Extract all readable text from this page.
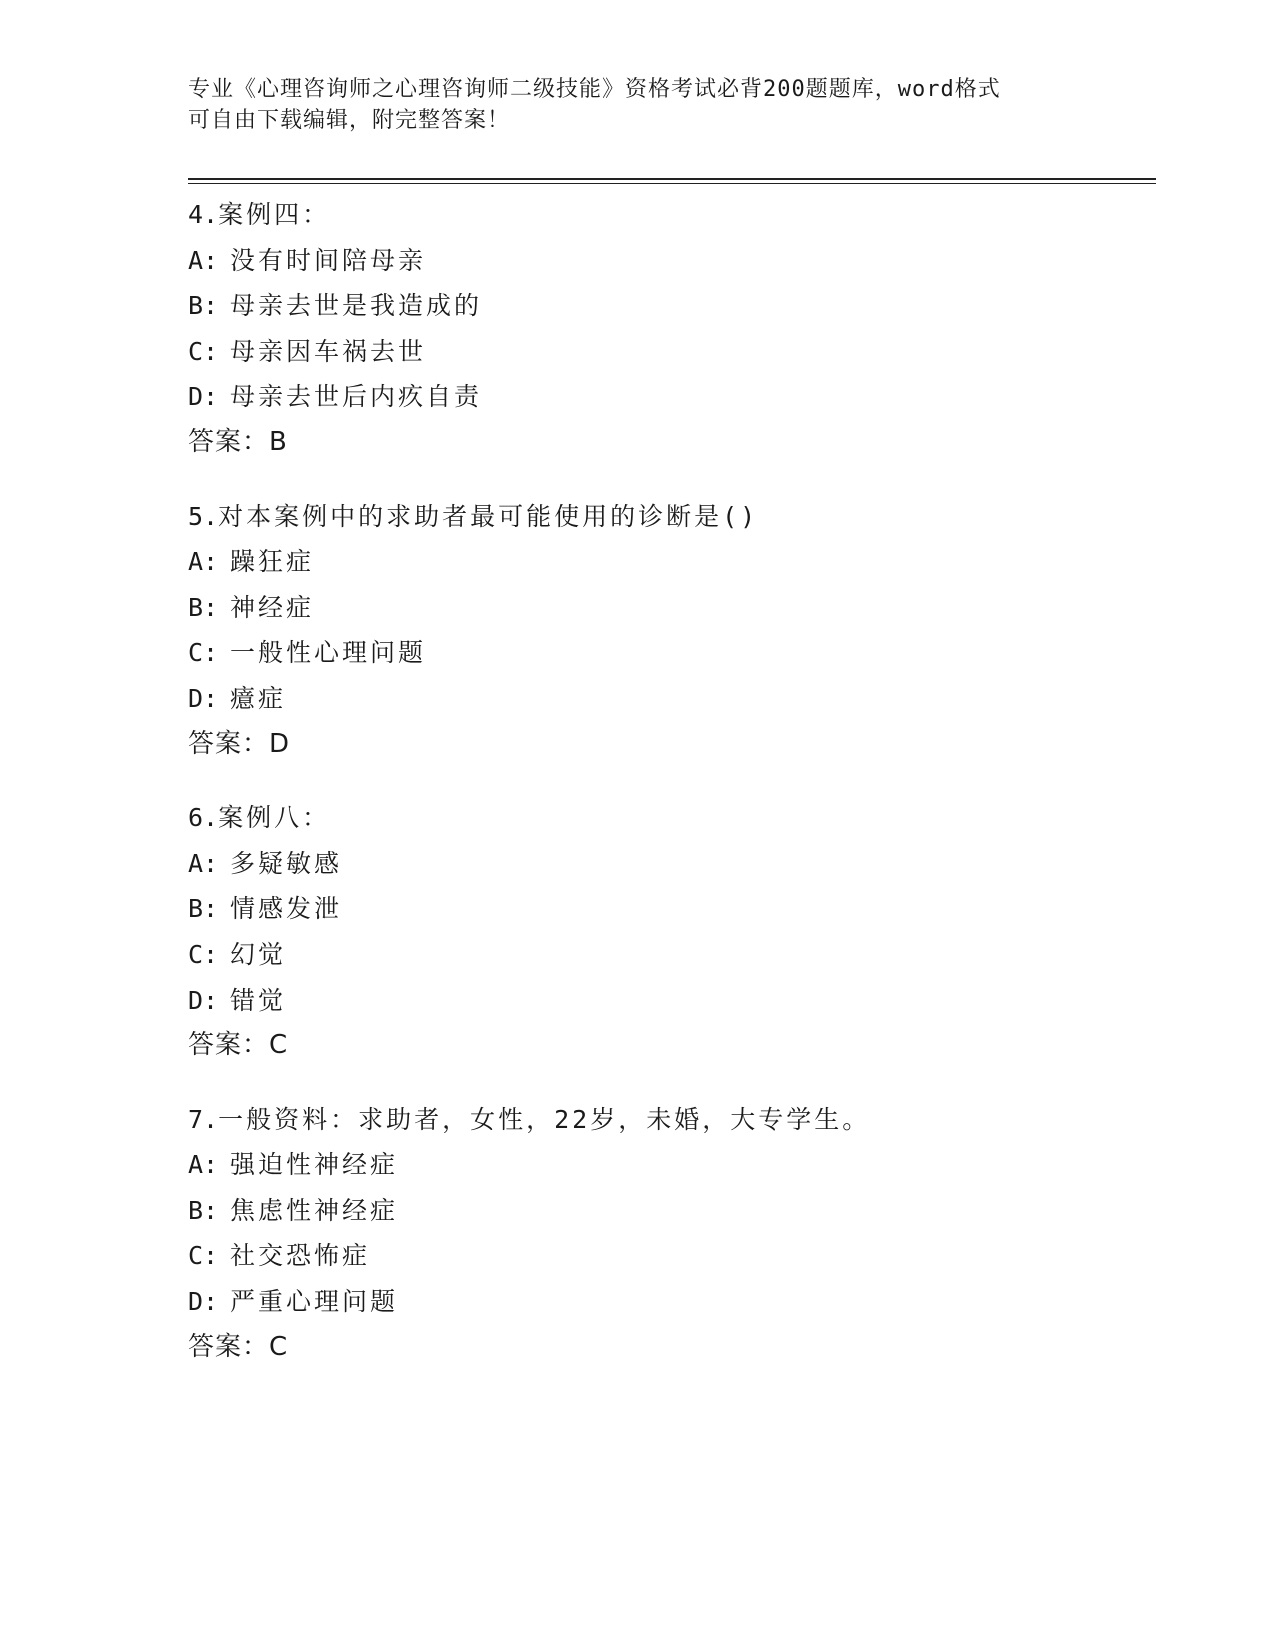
专业《心理咨询师之心理咨询师二级技能》资格考试必背200题题库，word格式
可自由下载编辑，附完整答案！
4.案例四：
A: 没有时间陪母亲
B: 母亲去世是我造成的
C: 母亲因车祸去世
D: 母亲去世后内疚自责
答案：B
5.对本案例中的求助者最可能使用的诊断是()
A: 躁狂症
B: 神经症
C: 一般性心理问题
D: 癔症
答案：D
6.案例八：
A: 多疑敏感
B: 情感发泄
C: 幻觉
D: 错觉
答案：C
7.一般资料：求助者，女性，22岁，未婚，大专学生。
A: 强迫性神经症
B: 焦虑性神经症
C: 社交恐怖症
D: 严重心理问题
答案：C
